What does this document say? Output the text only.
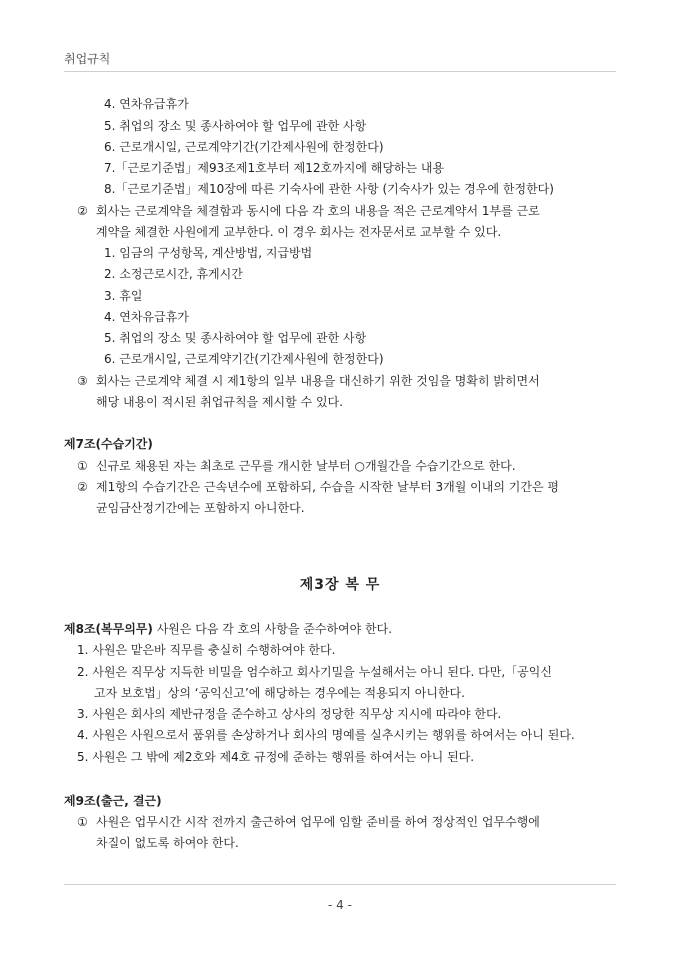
취업규칙
4. 연차유급휴가
5. 취업의 장소 및 종사하여야 할 업무에 관한 사항
6. 근로개시일, 근로계약기간(기간제사원에 한정한다)
7.「근로기준법」제93조제1호부터 제12호까지에 해당하는 내용
8.「근로기준법」제10장에 따른 기숙사에 관한 사항 (기숙사가 있는 경우에 한정한다)
② 회사는 근로계약을 체결함과 동시에 다음 각 호의 내용을 적은 근로계약서 1부를 근로
계약을 체결한 사원에게 교부한다. 이 경우 회사는 전자문서로 교부할 수 있다.
1. 임금의 구성항목, 계산방법, 지급방법
2. 소정근로시간, 휴게시간
3. 휴일
4. 연차유급휴가
5. 취업의 장소 및 종사하여야 할 업무에 관한 사항
6. 근로개시일, 근로계약기간(기간제사원에 한정한다)
③ 회사는 근로계약 체결 시 제1항의 일부 내용을 대신하기 위한 것임을 명확히 밝히면서
해당 내용이 적시된 취업규칙을 제시할 수 있다.
제7조(수습기간)
① 신규로 채용된 자는 최초로 근무를 개시한 날부터 ○개월간을 수습기간으로 한다.
② 제1항의 수습기간은 근속년수에 포함하되, 수습을 시작한 날부터 3개월 이내의 기간은 평
균임금산정기간에는 포함하지 아니한다.
제3장 복 무
제8조(복무의무) 사원은 다음 각 호의 사항을 준수하여야 한다.
1. 사원은 맡은바 직무를 충실히 수행하여야 한다.
2. 사원은 직무상 지득한 비밀을 엄수하고 회사기밀을 누설해서는 아니 된다. 다만,「공익신
고자 보호법」상의 ‘공익신고’에 해당하는 경우에는 적용되지 아니한다.
3. 사원은 회사의 제반규정을 준수하고 상사의 정당한 직무상 지시에 따라야 한다.
4. 사원은 사원으로서 품위를 손상하거나 회사의 명예를 실추시키는 행위를 하여서는 아니 된다.
5. 사원은 그 밖에 제2호와 제4호 규정에 준하는 행위를 하여서는 아니 된다.
제9조(출근, 결근)
① 사원은 업무시간 시작 전까지 출근하여 업무에 임할 준비를 하여 정상적인 업무수행에
차질이 없도록 하여야 한다.
- 4 -
